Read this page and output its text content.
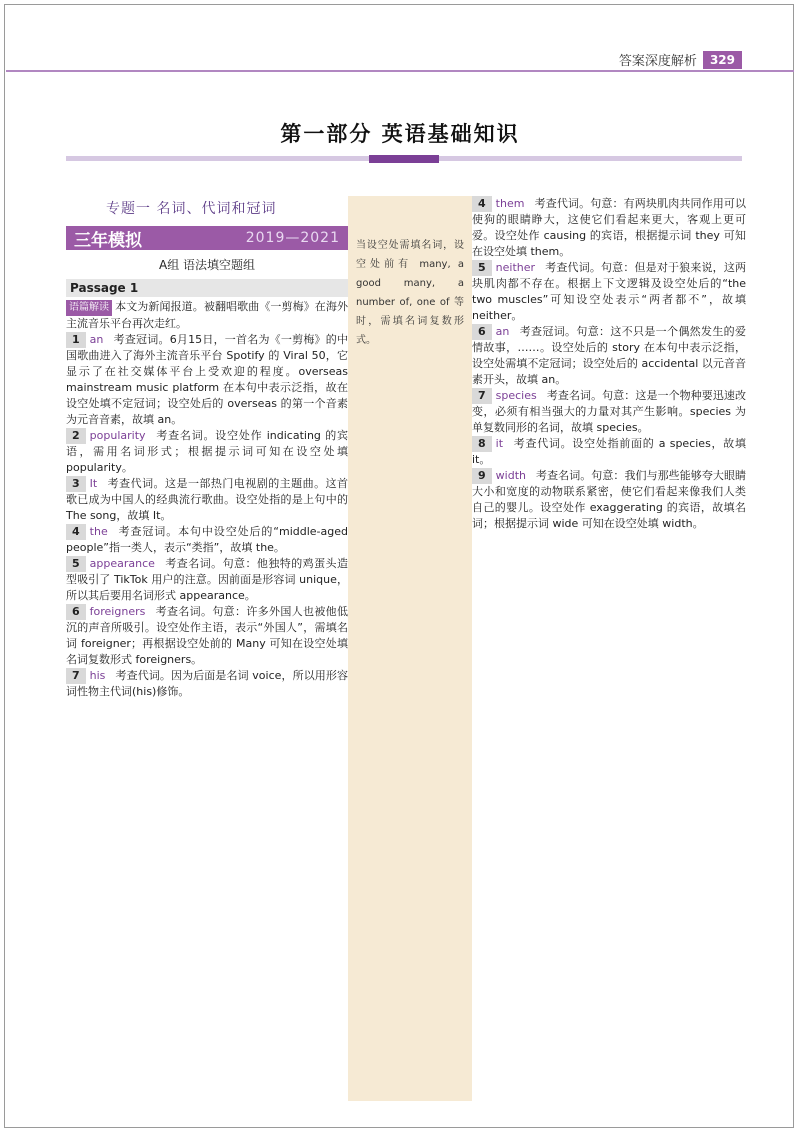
答案深度解析	329
第一部分 英语基础知识
当设空处需填名词，设空处前有 many, a good many, a number of, one of 等时，需填名词复数形式。
专题一 名词、代词和冠词
三年模拟	2019—2021
A组 语法填空题组
Passage 1

语篇解读 本文为新闻报道。被翻唱歌曲《一剪梅》在海外主流音乐平台再次走红。

1 an 考查冠词。6月15日，一首名为《一剪梅》的中国歌曲进入了海外主流音乐平台 Spotify 的 Viral 50，它显示了在社交媒体平台上受欢迎的程度。overseas mainstream music platform 在本句中表示泛指，故在设空处填不定冠词；设空处后的 overseas 的第一个音素为元音音素，故填 an。

2 popularity 考查名词。设空处作 indicating 的宾语，需用名词形式；根据提示词可知在设空处填 popularity。

3 It 考查代词。这是一部热门电视剧的主题曲。这首歌已成为中国人的经典流行歌曲。设空处指的是上句中的 The song，故填 It。

4 the 考查冠词。本句中设空处后的“middle-aged people”指一类人，表示“类指”，故填 the。

5 appearance 考查名词。句意：他独特的鸡蛋头造型吸引了 TikTok 用户的注意。因前面是形容词 unique，所以其后要用名词形式 appearance。

6 foreigners 考查名词。句意：许多外国人也被他低沉的声音所吸引。设空处作主语，表示“外国人”，需填名词 foreigner；再根据设空处前的 Many 可知在设空处填名词复数形式 foreigners。

7 his 考查代词。因为后面是名词 voice，所以用形容词性物主代词(his)修饰。

4 them 考查代词。句意：有两块肌肉共同作用可以使狗的眼睛睁大，这使它们看起来更大，客观上更可爱。设空处作 causing 的宾语，根据提示词 they 可知在设空处填 them。

5 neither 考查代词。句意：但是对于狼来说，这两块肌肉都不存在。根据上下文逻辑及设空处后的“the two muscles”可知设空处表示“两者都不”，故填 neither。

6 an 考查冠词。句意：这不只是一个偶然发生的爱情故事，……。设空处后的 story 在本句中表示泛指，设空处需填不定冠词；设空处后的 accidental 以元音音素开头，故填 an。

7 species 考查名词。句意：这是一个物种要迅速改变，必须有相当强大的力量对其产生影响。species 为单复数同形的名词，故填 species。

8 it 考查代词。设空处指前面的 a species，故填 it。

9 width 考查名词。句意：我们与那些能够夸大眼睛大小和宽度的动物联系紧密，使它们看起来像我们人类自己的婴儿。设空处作 exaggerating 的宾语，故填名词；根据提示词 wide 可知在设空处填 width。
